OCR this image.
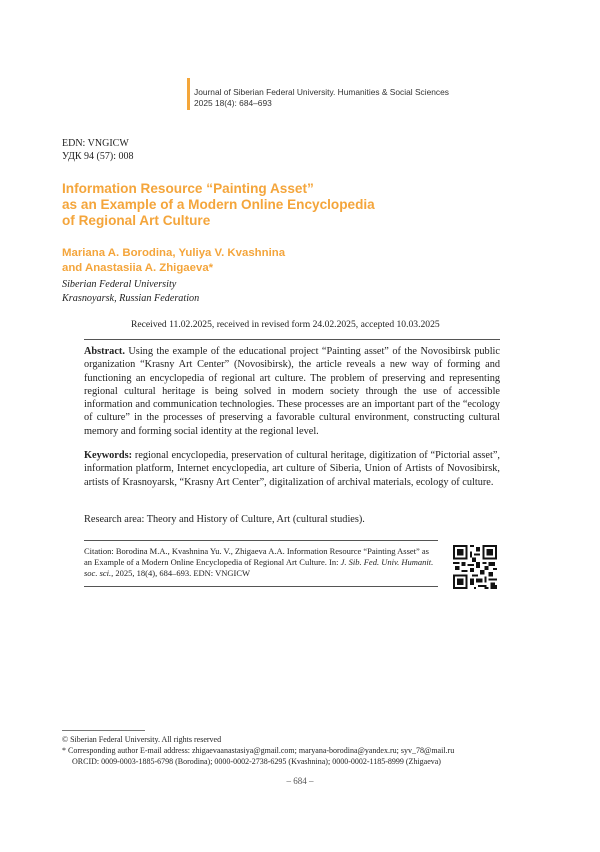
Journal of Siberian Federal University. Humanities & Social Sciences
2025 18(4): 684–693
EDN: VNGICW
УДК 94 (57): 008
Information Resource “Painting Asset”
as an Example of a Modern Online Encyclopedia
of Regional Art Culture
Mariana A. Borodina, Yuliya V. Kvashnina
and Anastasiia A. Zhigaeva*
Siberian Federal University
Krasnoyarsk, Russian Federation
Received 11.02.2025, received in revised form 24.02.2025, accepted 10.03.2025
Abstract. Using the example of the educational project “Painting asset” of the Novosibirsk public organization “Krasny Art Center” (Novosibirsk), the article reveals a new way of forming and functioning an encyclopedia of regional art culture. The problem of preserving and representing regional cultural heritage is being solved in modern society through the use of accessible information and communication technologies. These processes are an important part of the “ecology of culture” in the processes of preserving a favorable cultural environment, constructing cultural memory and forming social identity at the regional level.
Keywords: regional encyclopedia, preservation of cultural heritage, digitization of “Pictorial asset”, information platform, Internet encyclopedia, art culture of Siberia, Union of Artists of Novosibirsk, artists of Krasnoyarsk, “Krasny Art Center”, digitalization of archival materials, ecology of culture.
Research area: Theory and History of Culture, Art (cultural studies).
Citation: Borodina M.A., Kvashnina Yu. V., Zhigaeva A.A. Information Resource “Painting Asset” as an Example of a Modern Online Encyclopedia of Regional Art Culture. In: J. Sib. Fed. Univ. Humanit. soc. sci., 2025, 18(4), 684–693. EDN: VNGICW
© Siberian Federal University. All rights reserved
* Corresponding author E-mail address: zhigaevaanastasiya@gmail.com; maryana-borodina@yandex.ru; syv_78@mail.ru
ORCID: 0009-0003-1885-6798 (Borodina); 0000-0002-2738-6295 (Kvashnina); 0000-0002-1185-8999 (Zhigaeva)
– 684 –
